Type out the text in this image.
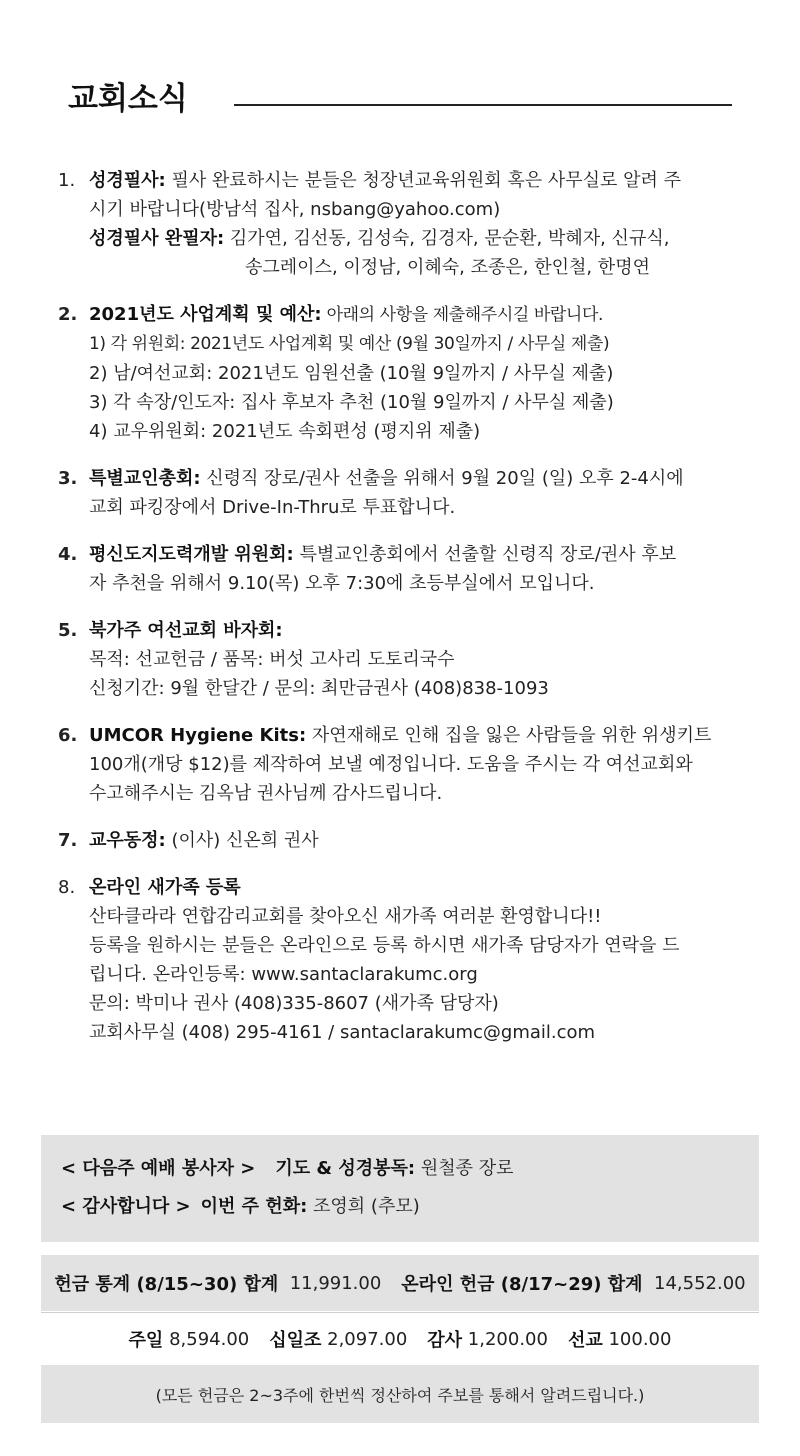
교회소식
1. 성경필사: 필사 완료하시는 분들은 청장년교육위원회 혹은 사무실로 알려 주
시기 바랍니다(방남석 집사, nsbang@yahoo.com)
성경필사 완필자: 김가연, 김선동, 김성숙, 김경자, 문순환, 박혜자, 신규식,
송그레이스, 이정남, 이혜숙, 조종은, 한인철, 한명연
2. 2021년도 사업계획 및 예산: 아래의 사항을 제출해주시길 바랍니다.
1) 각 위원회: 2021년도 사업계획 및 예산 (9월 30일까지 / 사무실 제출)
2) 남/여선교회: 2021년도 임원선출 (10월 9일까지 / 사무실 제출)
3) 각 속장/인도자: 집사 후보자 추천 (10월 9일까지 / 사무실 제출)
4) 교우위원회: 2021년도 속회편성 (평지위 제출)
3. 특별교인총회: 신령직 장로/권사 선출을 위해서 9월 20일 (일) 오후 2-4시에
교회 파킹장에서 Drive-In-Thru로 투표합니다.
4. 평신도지도력개발 위원회: 특별교인총회에서 선출할 신령직 장로/권사 후보
자 추천을 위해서 9.10(목) 오후 7:30에 초등부실에서 모입니다.
5. 북가주 여선교회 바자회:
목적: 선교헌금 / 품목: 버섯 고사리 도토리국수
신청기간: 9월 한달간 / 문의: 최만금권사 (408)838-1093
6. UMCOR Hygiene Kits: 자연재해로 인해 집을 잃은 사람들을 위한 위생키트
100개(개당 $12)를 제작하여 보낼 예정입니다. 도움을 주시는 각 여선교회와
수고해주시는 김옥남 권사님께 감사드립니다.
7. 교우동정: (이사) 신온희 권사
8. 온라인 새가족 등록
산타클라라 연합감리교회를 찾아오신 새가족 여러분 환영합니다!!
등록을 원하시는 분들은 온라인으로 등록 하시면 새가족 담당자가 연락을 드
립니다. 온라인등록: www.santaclarakumc.org
문의: 박미나 권사 (408)335-8607 (새가족 담당자)
교회사무실 (408) 295-4161 / santaclarakumc@gmail.com
< 다음주 예배 봉사자 > 기도 & 성경봉독: 원철종 장로
< 감사합니다 > 이번 주 헌화: 조영희 (추모)
헌금 통계 (8/15~30) 합계
11,991.00 온라인 헌금 (8/17~29) 합계
14,552.00
주일
8,594.00 십일조
2,097.00 감사
1,200.00 선교
100.00
(모든 헌금은 2~3주에 한번씩 정산하여 주보를 통해서 알려드립니다.)
